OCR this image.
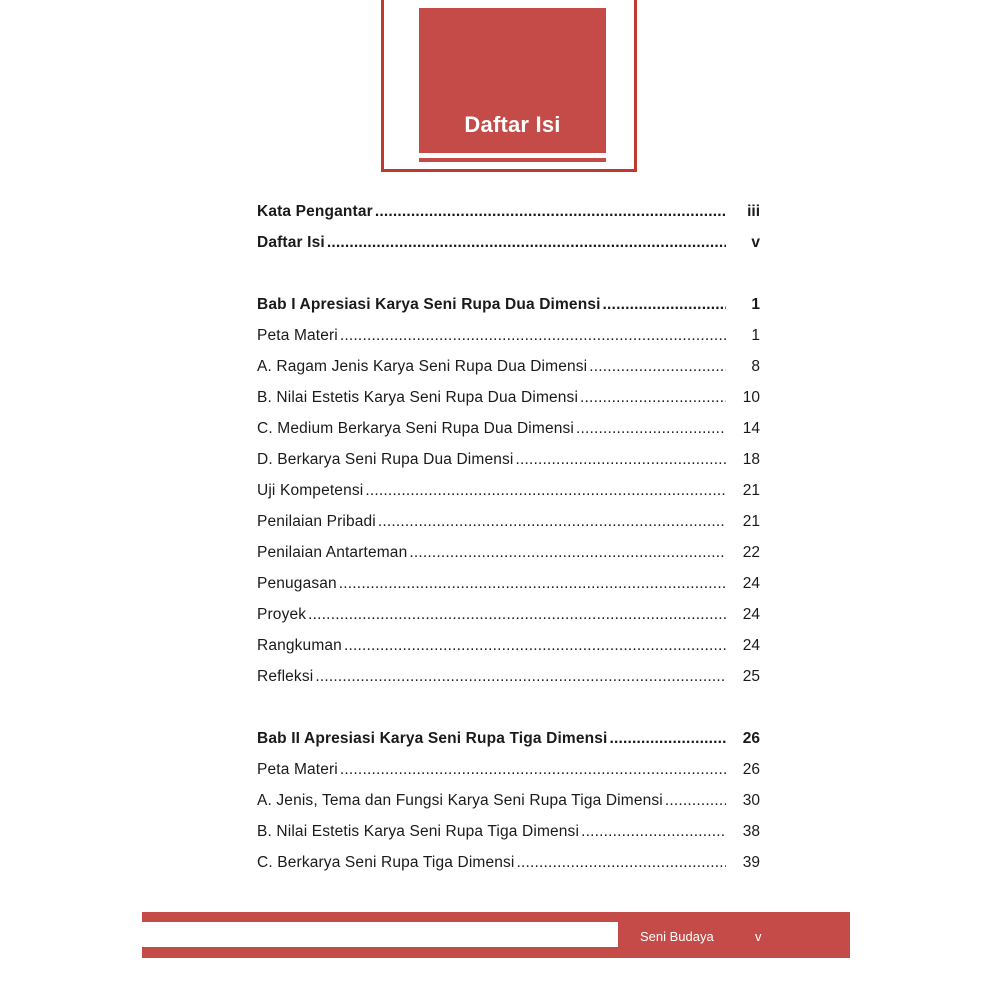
Daftar Isi
Kata Pengantar .....	iii
Daftar Isi .....	v
Bab I Apresiasi Karya Seni Rupa Dua Dimensi .....	1
Peta Materi .....	1
A. Ragam Jenis Karya Seni Rupa Dua Dimensi .....	8
B. Nilai Estetis Karya Seni Rupa Dua Dimensi .....	10
C. Medium Berkarya Seni Rupa Dua Dimensi .....	14
D. Berkarya Seni Rupa Dua Dimensi .....	18
Uji Kompetensi .....	21
Penilaian Pribadi .....	21
Penilaian Antarteman .....	22
Penugasan .....	24
Proyek .....	24
Rangkuman .....	24
Refleksi .....	25
Bab II Apresiasi Karya Seni Rupa Tiga Dimensi .....	26
Peta Materi .....	26
A. Jenis, Tema dan Fungsi Karya Seni Rupa Tiga Dimensi .....	30
B. Nilai Estetis Karya Seni Rupa Tiga Dimensi .....	38
C. Berkarya Seni Rupa Tiga Dimensi .....	39
Seni Budaya	v
